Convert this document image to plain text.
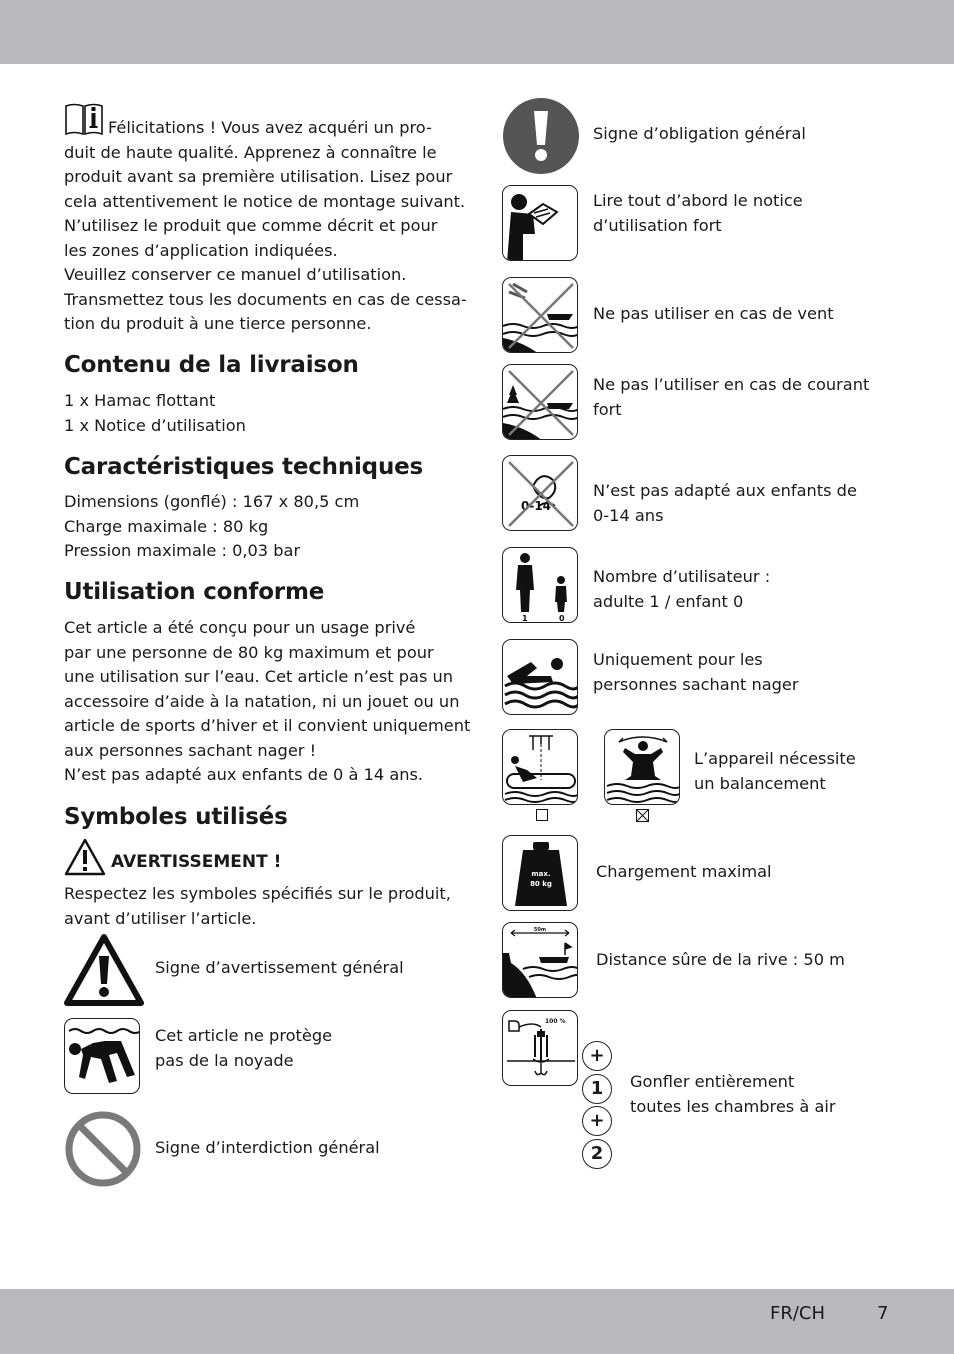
Félicitations ! Vous avez acquéri un pro-
duit de haute qualité. Apprenez à connaître le
produit avant sa première utilisation. Lisez pour
cela attentivement le notice de montage suivant.
N’utilisez le produit que comme décrit et pour
les zones d’application indiquées.
Veuillez conserver ce manuel d’utilisation.
Transmettez tous les documents en cas de cessa-
tion du produit à une tierce personne.
Contenu de la livraison
1 x Hamac flottant
1 x Notice d’utilisation
Caractéristiques techniques
Dimensions (gonflé) : 167 x 80,5 cm
Charge maximale : 80 kg
Pression maximale : 0,03 bar
Utilisation conforme
Cet article a été conçu pour un usage privé
par une personne de 80 kg maximum et pour
une utilisation sur l’eau. Cet article n’est pas un
accessoire d’aide à la natation, ni un jouet ou un
article de sports d’hiver et il convient uniquement
aux personnes sachant nager !
N’est pas adapté aux enfants de 0 à 14 ans.
Symboles utilisés
AVERTISSEMENT !
Respectez les symboles spécifiés sur le produit,
avant d’utiliser l’article.
Signe d’avertissement général
Cet article ne protège
pas de la noyade
Signe d’interdiction général
Signe d’obligation général
Lire tout d’abord le notice
d’utilisation fort
Ne pas utiliser en cas de vent
Ne pas l’utiliser en cas de courant
fort
0-14
N’est pas adapté aux enfants de
0-14 ans
1	0
Nombre d’utilisateur :
adulte 1 / enfant 0
Uniquement pour les
personnes sachant nager
L’appareil nécessite
un balancement
max.
80 kg
Chargement maximal
50m
Distance sûre de la rive : 50 m
100 %
+
1
+
2
Gonfler entièrement
toutes les chambres à air
FR/CH	7
